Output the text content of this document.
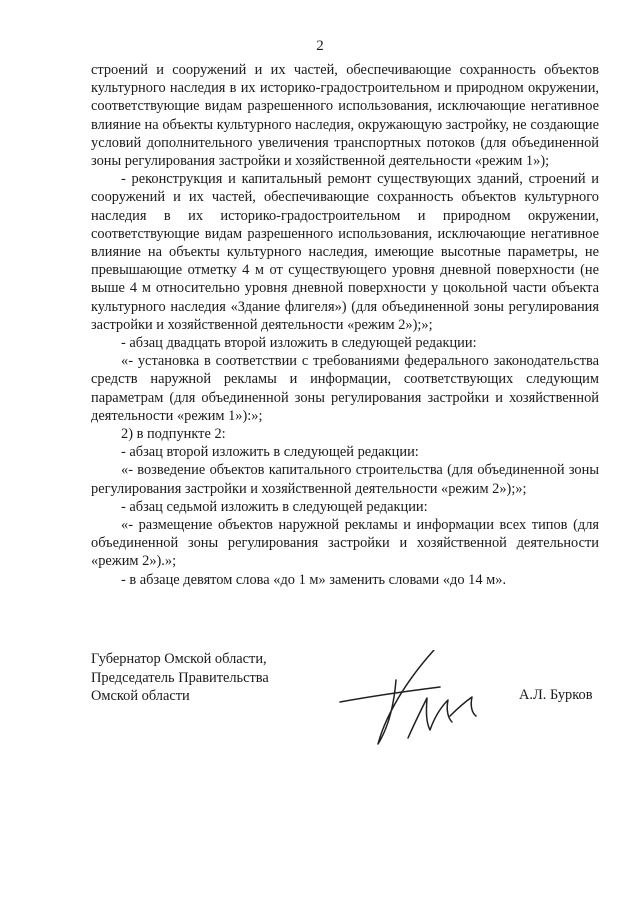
2

строений и сооружений и их частей, обеспечивающие сохранность объектов культурного наследия в их историко-градостроительном и природном окружении, соответствующие видам разрешенного использования, исключающие негативное влияние на объекты культурного наследия, окружающую застройку, не создающие условий дополнительного увеличения транспортных потоков (для объединенной зоны регулирования застройки и хозяйственной деятельности «режим 1»);

- реконструкция и капитальный ремонт существующих зданий, строений и сооружений и их частей, обеспечивающие сохранность объектов культурного наследия в их историко-градостроительном и природном окружении, соответствующие видам разрешенного использования, исключающие негативное влияние на объекты культурного наследия, имеющие высотные параметры, не превышающие отметку 4 м от существующего уровня дневной поверхности (не выше 4 м относительно уровня дневной поверхности у цокольной части объекта культурного наследия «Здание флигеля») (для объединенной зоны регулирования застройки и хозяйственной деятельности «режим 2»);»;

- абзац двадцать второй изложить в следующей редакции:

«- установка в соответствии с требованиями федерального законодательства средств наружной рекламы и информации, соответствующих следующим параметрам (для объединенной зоны регулирования застройки и хозяйственной деятельности «режим 1»):»;

2) в подпункте 2:

- абзац второй изложить в следующей редакции:

«- возведение объектов капитального строительства (для объединенной зоны регулирования застройки и хозяйственной деятельности «режим 2»);»;

- абзац седьмой изложить в следующей редакции:

«- размещение объектов наружной рекламы и информации всех типов (для объединенной зоны регулирования застройки и хозяйственной деятельности «режим 2»).»;

- в абзаце девятом слова «до 1 м» заменить словами «до 14 м».

Губернатор Омской области,
Председатель Правительства
Омской области	А.Л. Бурков
